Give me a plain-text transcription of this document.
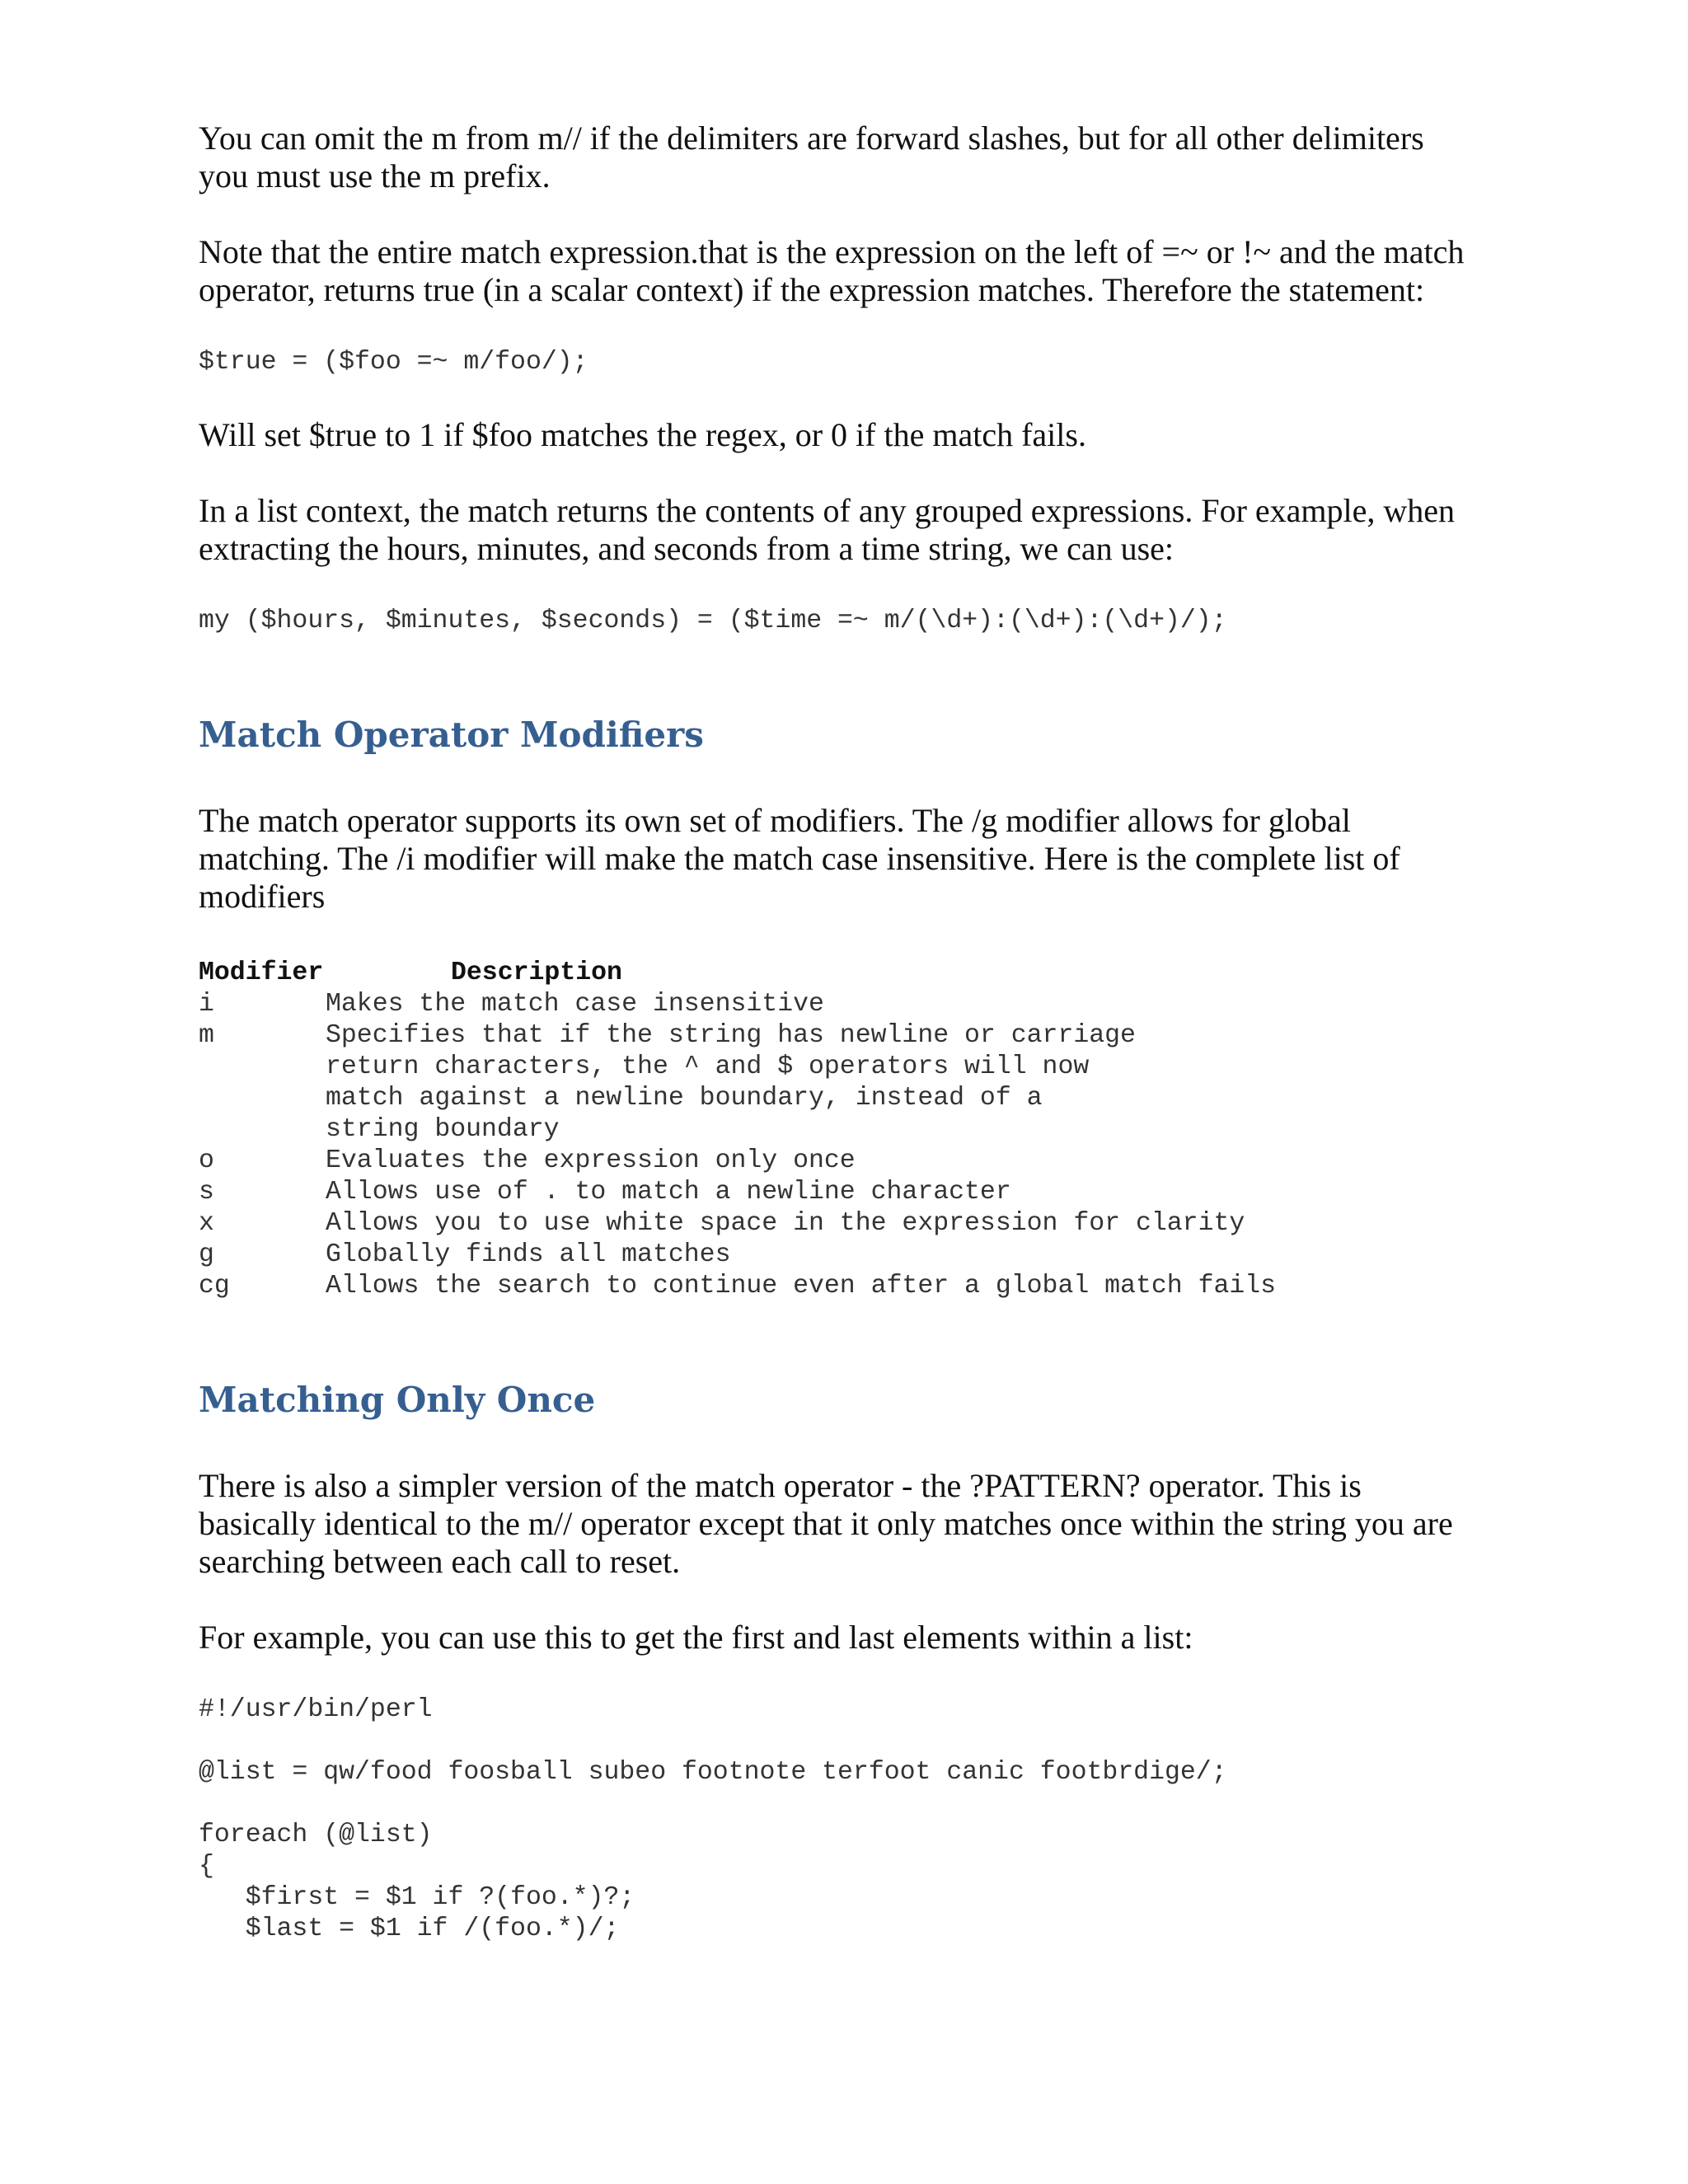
You can omit the m from m// if the delimiters are forward slashes, but for all other delimiters
you must use the m prefix.

Note that the entire match expression.that is the expression on the left of =~ or !~ and the match
operator, returns true (in a scalar context) if the expression matches. Therefore the statement:

$true = ($foo =~ m/foo/);

Will set $true to 1 if $foo matches the regex, or 0 if the match fails.

In a list context, the match returns the contents of any grouped expressions. For example, when
extracting the hours, minutes, and seconds from a time string, we can use:

my ($hours, $minutes, $seconds) = ($time =~ m/(\d+):(\d+):(\d+)/);
Match Operator Modifiers

The match operator supports its own set of modifiers. The /g modifier allows for global
matching. The /i modifier will make the match case insensitive. Here is the complete list of
modifiers

Modifier	Description
i	Makes the match case insensitive
m	Specifies that if the string has newline or carriage
return characters, the ^ and $ operators will now
match against a newline boundary, instead of a
string boundary
o	Evaluates the expression only once
s	Allows use of . to match a newline character
x	Allows you to use white space in the expression for clarity
g	Globally finds all matches
cg	Allows the search to continue even after a global match fails
Matching Only Once

There is also a simpler version of the match operator - the ?PATTERN? operator. This is
basically identical to the m// operator except that it only matches once within the string you are
searching between each call to reset.

For example, you can use this to get the first and last elements within a list:

#!/usr/bin/perl
@list = qw/food foosball subeo footnote terfoot canic footbrdige/;
foreach (@list)
{
$first = $1 if ?(foo.*)?;
$last = $1 if /(foo.*)/;
